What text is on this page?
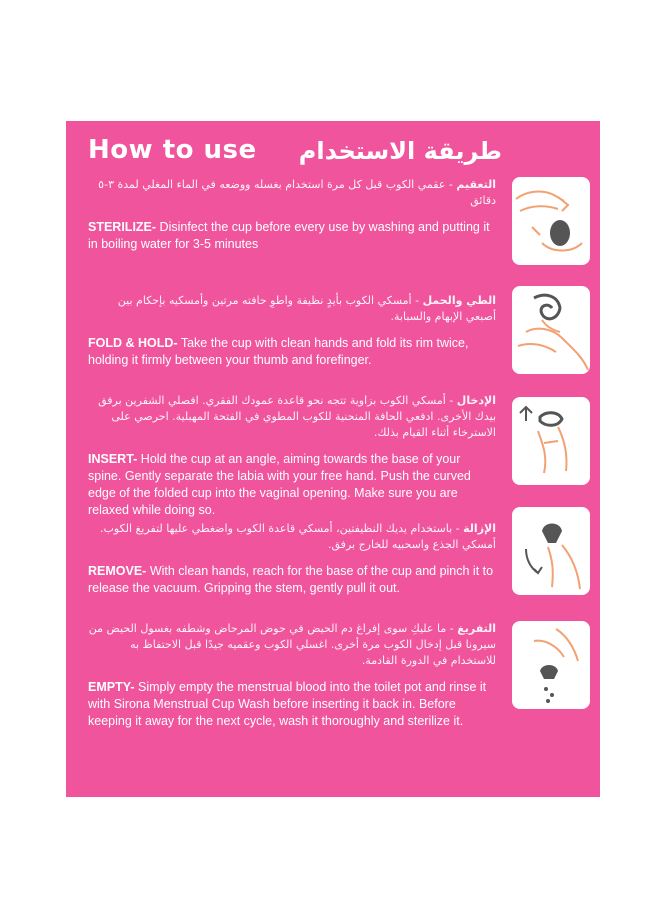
How to use طريقة الاستخدام
التعقيم - عقمي الكوب قبل كل مرة استخدام بغسله ووضعه في الماء المغلي لمدة ٣-٥ دقائق
STERILIZE- Disinfect the cup before every use by washing and putting it in boiling water for 3-5 minutes
الطي والحمل - أمسكي الكوب بأيدٍ نظيفة واطوِ حافته مرتين وأمسكيه بإحكام بين أصبعي الإبهام والسبابة.
FOLD & HOLD- Take the cup with clean hands and fold its rim twice, holding it firmly between your thumb and forefinger.
الإدخال - أمسكي الكوب بزاوية تتجه نحو قاعدة عمودك الفقري. افصلي الشفرين برفق بيدك الأخرى. ادفعي الحافة المنحنية للكوب المطوي في الفتحة المهبلية. احرصي على الاسترخاء أثناء القيام بذلك.
INSERT- Hold the cup at an angle, aiming towards the base of your spine. Gently separate the labia with your free hand. Push the curved edge of the folded cup into the vaginal opening. Make sure you are relaxed while doing so.
الإزالة - باستخدام يديك النظيفتين، أمسكي قاعدة الكوب واضغطي عليها لتفريغ الكوب. أمسكي الجذع واسحبيه للخارج برفق.
REMOVE- With clean hands, reach for the base of the cup and pinch it to release the vacuum. Gripping the stem, gently pull it out.
التفريغ - ما عليكِ سوى إفراغ دم الحيض في حوض المرحاض وشطفه بغسول الحيض من سيرونا قبل إدخال الكوب مرة أخرى. اغسلي الكوب وعقميه جيدًا قبل الاحتفاظ به للاستخدام في الدورة القادمة.
EMPTY- Simply empty the menstrual blood into the toilet pot and rinse it with Sirona Menstrual Cup Wash before inserting it back in. Before keeping it away for the next cycle, wash it thoroughly and sterilize it.
